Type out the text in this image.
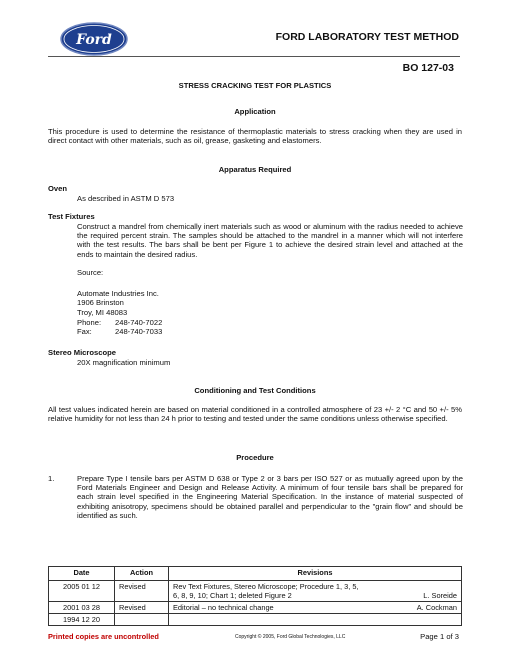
Ford	FORD LABORATORY TEST METHOD
BO 127-03
STRESS CRACKING TEST FOR PLASTICS
Application
This procedure is used to determine the resistance of thermoplastic materials to stress cracking when they are used in direct contact with other materials, such as oil, grease, gasketing and elastomers.
Apparatus Required
Oven
As described in ASTM D 573
Test Fixtures
Construct a mandrel from chemically inert materials such as wood or aluminum with the radius needed to achieve the required percent strain. The samples should be attached to the mandrel in a manner which will not interfere with the test results. The bars shall be bent per Figure 1 to achieve the desired strain level and attached at the ends to maintain the desired radius.
Source:
Automate Industries Inc.
1906 Brinston
Troy, MI 48083
Phone: 248-740-7022
Fax:	248-740-7033
Stereo Microscope
20X magnification minimum
Conditioning and Test Conditions
All test values indicated herein are based on material conditioned in a controlled atmosphere of 23 +/- 2 °C and 50 +/- 5% relative humidity for not less than 24 h prior to testing and tested under the same conditions unless otherwise specified.
Procedure
1.	Prepare Type I tensile bars per ASTM D 638 or Type 2 or 3 bars per ISO 527 or as mutually agreed upon by the Ford Materials Engineer and Design and Release Activity. A minimum of four tensile bars shall be prepared for each strain level specified in the Engineering Material Specification. In the instance of material suspected of exhibiting anisotropy, specimens should be obtained parallel and perpendicular to the "grain flow" and should be identified as such.
Date	Action	Revisions
2005 01 12	Revised	Rev Text Fixtures, Stereo Microscope; Procedure 1, 3, 5,
6, 8, 9, 10; Chart 1; deleted Figure 2 L. Soreide

2001 03 28	Revised	Editorial – no technical change A. Cockman

1994 12 20		
Printed copies are uncontrolled	Copyright © 2005, Ford Global Technologies, LLC	Page 1 of 3
